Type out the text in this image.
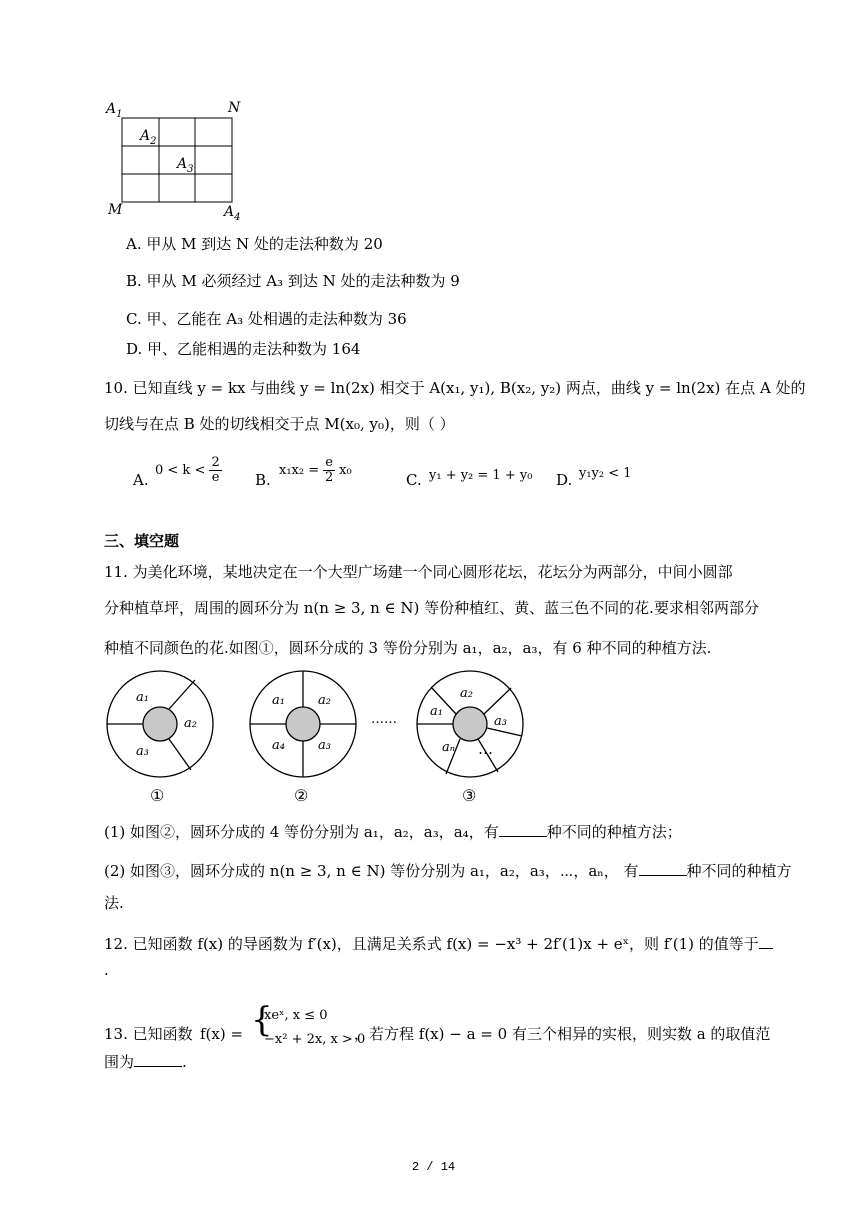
$A_1$	N
$A_2$
$A_3$
M	$A_4$
A. 甲从 M 到达 N 处的走法种数为 20
B. 甲从 M 必须经过 A₃ 到达 N 处的走法种数为 9
C. 甲、乙能在 A₃ 处相遇的走法种数为 36
D. 甲、乙能相遇的走法种数为 164
10. 已知直线 y = kx 与曲线 y = ln(2x) 相交于 A(x₁, y₁), B(x₂, y₂) 两点，曲线 y = ln(2x) 在点 A 处的
切线与在点 B 处的切线相交于点 M(x₀, y₀)，则（ ）
A.
$0 < k < \frac{2}{e} B$.
$x_1x_2 = \frac{e}{2} x_0$
C. y₁ + y₂ = 1 + y₀ D. y₁y₂ < 1
三、填空题
11. 为美化环境，某地决定在一个大型广场建一个同心圆形花坛，花坛分为两部分，中间小圆部
分种植草坪，周围的圆环分为 n(n ≥ 3, n ∈ N) 等份种植红、黄、蓝三色不同的花.要求相邻两部分
种植不同颜色的花.如图①，圆环分成的 3 等份分别为 a₁，a₂，a₃，有 6 种不同的种植方法.
a₁
a₂
a₃
a₁	a₂
a₄	a₃
……
a₁
a₂
a₃
aₙ …
①	②	③
(1) 如图②，圆环分成的 4 等份分别为 a₁，a₂，a₃，a₄，有	种不同的种植方法；
(2) 如图③，圆环分成的 n(n ≥ 3, n ∈ N) 等份分别为 a₁，a₂，a₃，⋯，aₙ， 有	种不同的种植方
法.
12. 已知函数 f(x) 的导函数为 f′(x)，且满足关系式 f(x) = −x³ + 2f′(1)x + eˣ，则 f′(1) 的值等于
.
13. 已知函数 f(x) = {
xeˣ, x ≤ 0
−x² + 2x, x > 0
，若方程 f(x) − a = 0 有三个相异的实根，则实数 a 的取值范
围为	.
2 / 14
